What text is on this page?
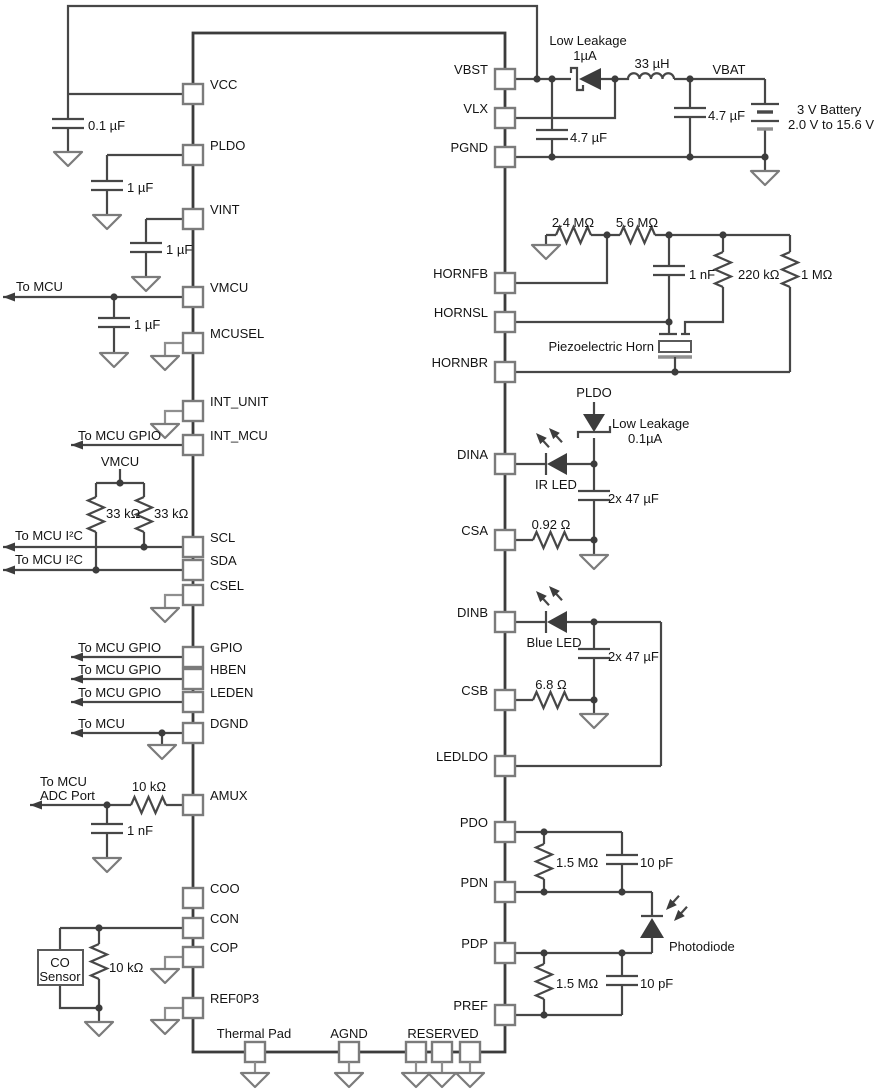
0.1 µF
1 µF
1 µF
To MCU
1 µF
To MCU GPIO
VMCU
33 kΩ 33 kΩ
To MCU I²C
To MCU I²C
To MCU GPIO
To MCU GPIO
To MCU GPIO
To MCU
To MCU
ADC Port
10 kΩ
1 nF
CO
Sensor
10 kΩ
Low Leakage
1µA
33 µH	VBAT
4.7 µF
4.7 µF	3 V Battery
2.0 V to 15.6 V
2.4 MΩ 5.6 MΩ
1 nF 220 kΩ 1 MΩ
Piezoelectric Horn
PLDO
Low Leakage
0.1µA
IR LED
2x 47 µF
0.92 Ω
Blue LED
2x 47 µF
6.8 Ω
1.5 MΩ	10 pF
Photodiode
1.5 MΩ	10 pF
VCC
PLDO
VINT
VMCU
MCUSEL
INT_UNIT
INT_MCU
SCL
SDA
CSEL
GPIO
HBEN
LEDEN
DGND
AMUX
COO
CON
COP
REF0P3
VBST
VLX
PGND
HORNFB
HORNSL
HORNBR
DINA
CSA
DINB
CSB
LEDLDO
PDO
PDN
PDP
PREF
Thermal Pad	AGND	RESERVED
